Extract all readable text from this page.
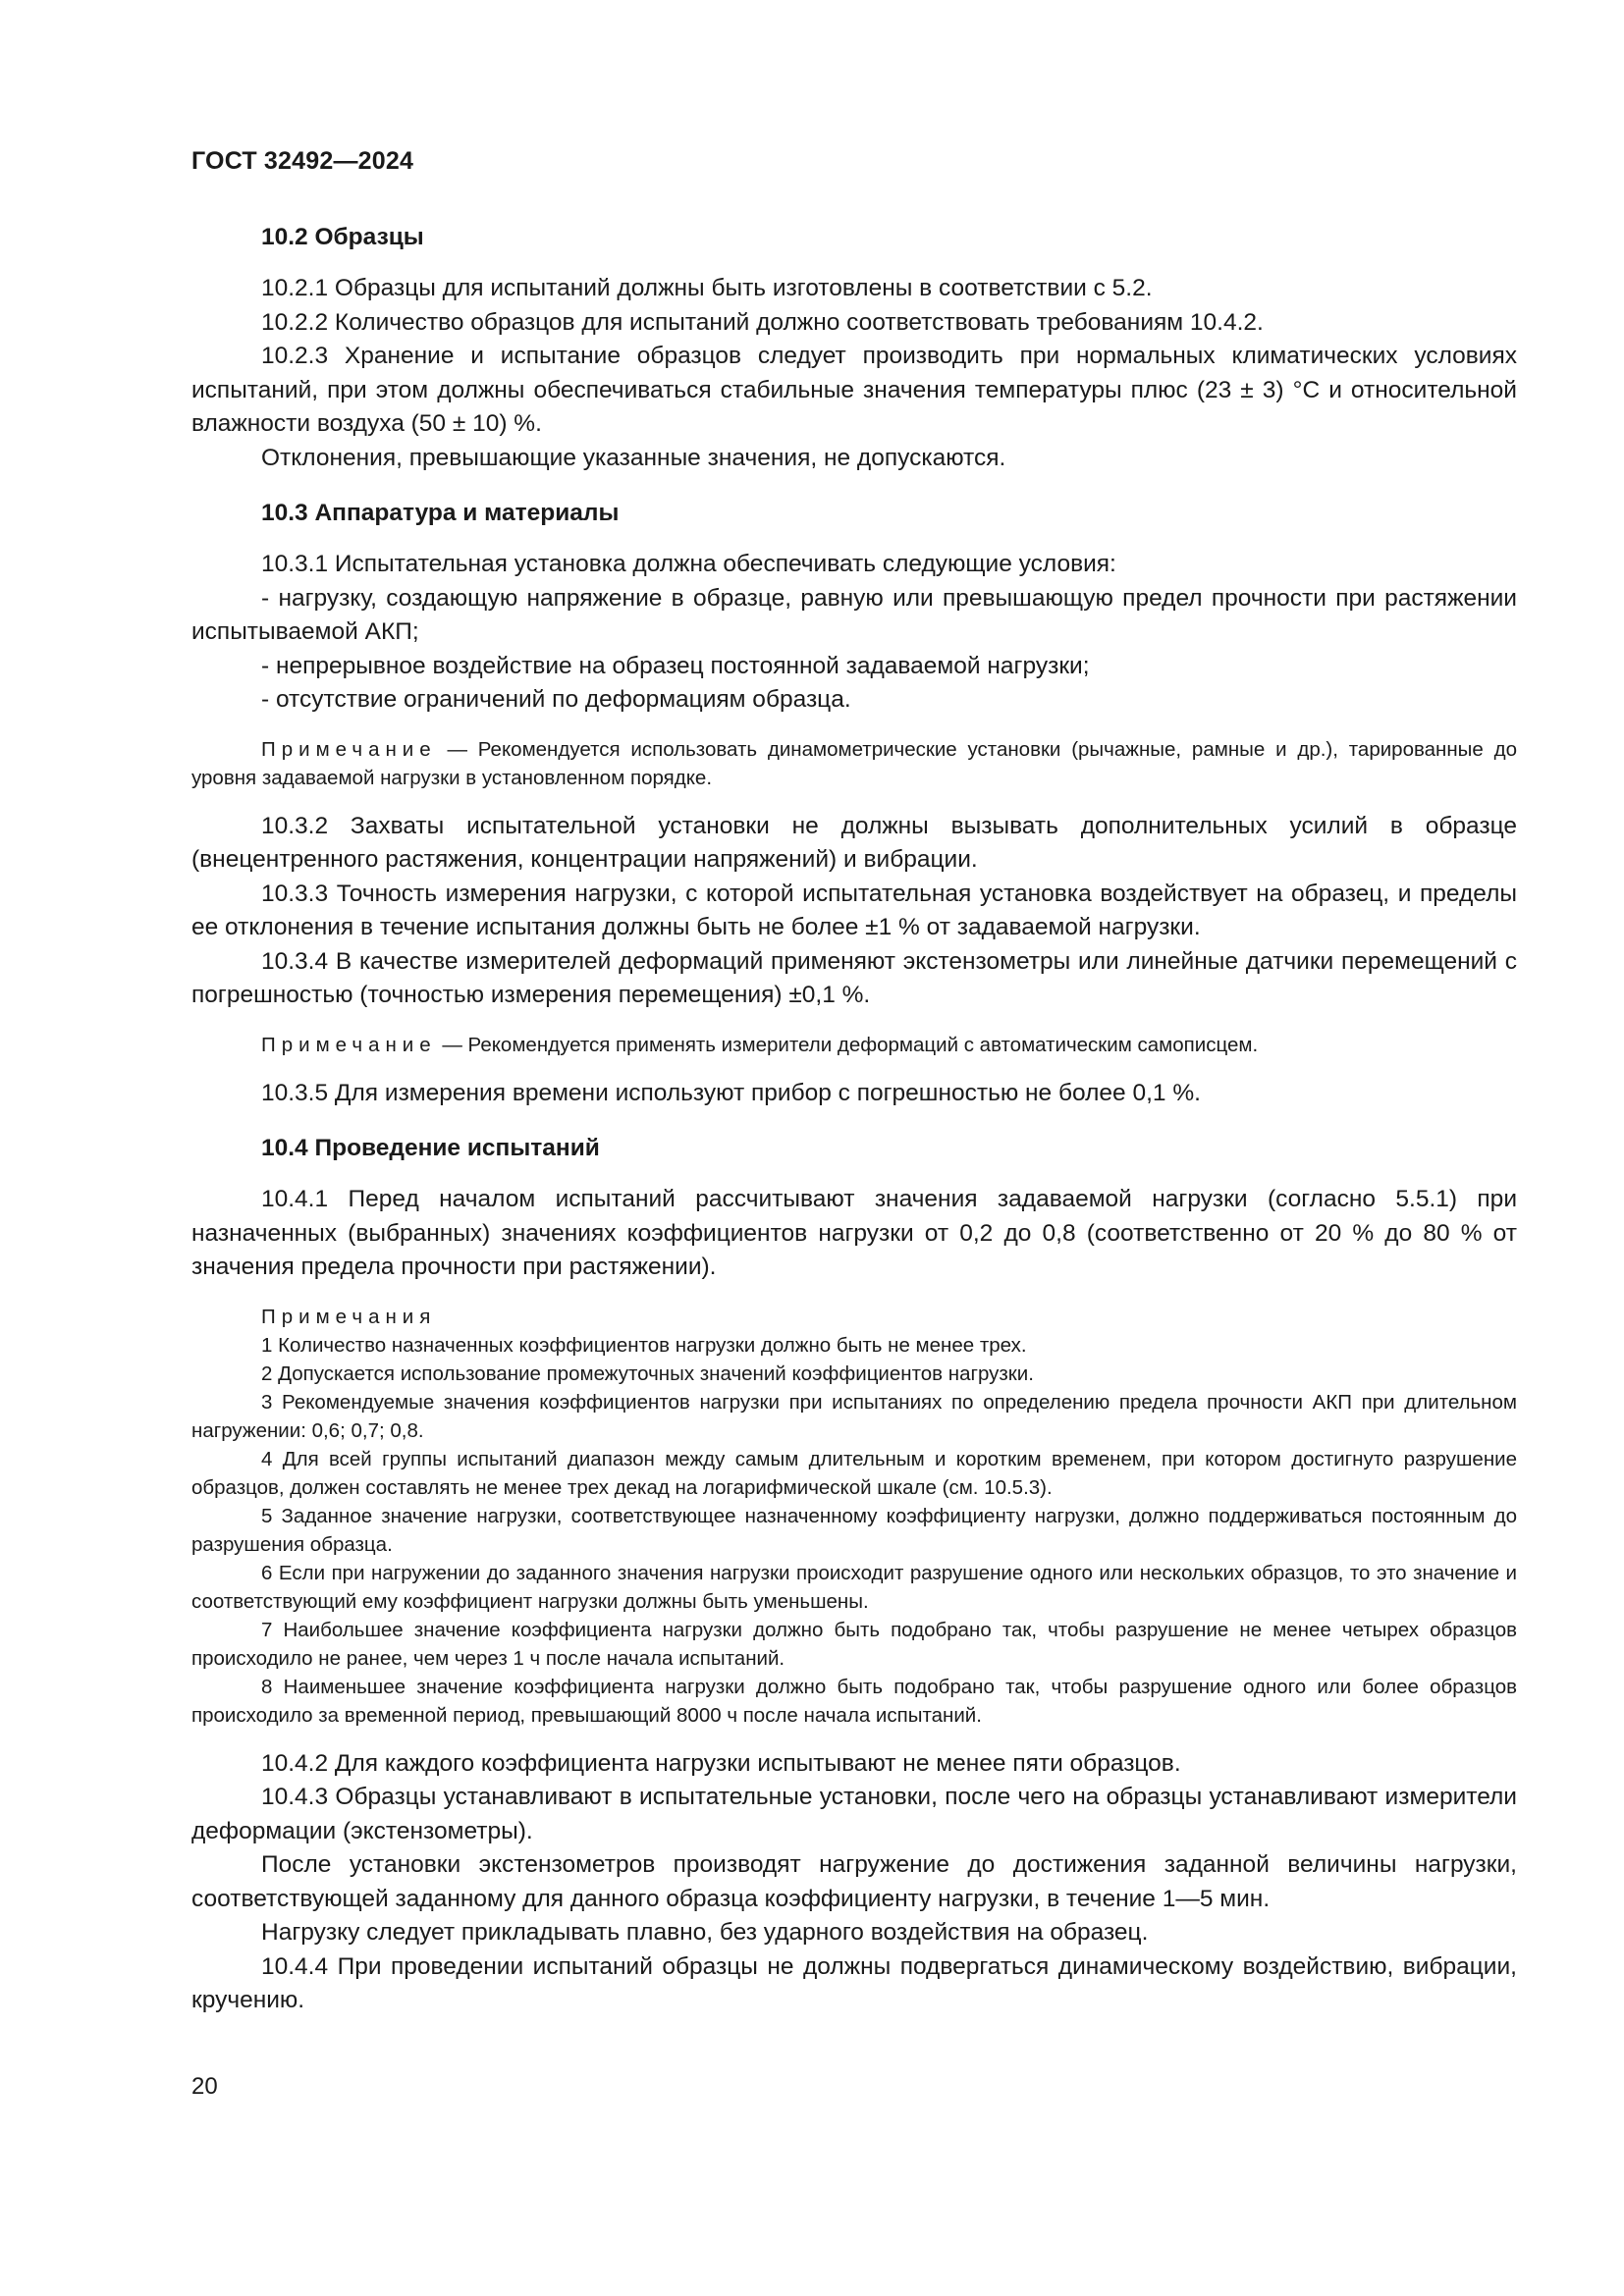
ГОСТ 32492—2024
10.2 Образцы

10.2.1 Образцы для испытаний должны быть изготовлены в соответствии с 5.2.

10.2.2 Количество образцов для испытаний должно соответствовать требованиям 10.4.2.

10.2.3 Хранение и испытание образцов следует производить при нормальных климатических условиях испытаний, при этом должны обеспечиваться стабильные значения температуры плюс (23 ± 3) °С и относительной влажности воздуха (50 ± 10) %.

Отклонения, превышающие указанные значения, не допускаются.

10.3 Аппаратура и материалы

10.3.1 Испытательная установка должна обеспечивать следующие условия:

- нагрузку, создающую напряжение в образце, равную или превышающую предел прочности при растяжении испытываемой АКП;

- непрерывное воздействие на образец постоянной задаваемой нагрузки;

- отсутствие ограничений по деформациям образца.

Примечание — Рекомендуется использовать динамометрические установки (рычажные, рамные и др.), тарированные до уровня задаваемой нагрузки в установленном порядке.

10.3.2 Захваты испытательной установки не должны вызывать дополнительных усилий в образце (внецентренного растяжения, концентрации напряжений) и вибрации.

10.3.3 Точность измерения нагрузки, с которой испытательная установка воздействует на образец, и пределы ее отклонения в течение испытания должны быть не более ±1 % от задаваемой нагрузки.

10.3.4 В качестве измерителей деформаций применяют экстензометры или линейные датчики перемещений с погрешностью (точностью измерения перемещения) ±0,1 %.

Примечание — Рекомендуется применять измерители деформаций с автоматическим самописцем.

10.3.5 Для измерения времени используют прибор с погрешностью не более 0,1 %.

10.4 Проведение испытаний

10.4.1 Перед началом испытаний рассчитывают значения задаваемой нагрузки (согласно 5.5.1) при назначенных (выбранных) значениях коэффициентов нагрузки от 0,2 до 0,8 (соответственно от 20 % до 80 % от значения предела прочности при растяжении).

Примечания

1 Количество назначенных коэффициентов нагрузки должно быть не менее трех.

2 Допускается использование промежуточных значений коэффициентов нагрузки.

3 Рекомендуемые значения коэффициентов нагрузки при испытаниях по определению предела прочности АКП при длительном нагружении: 0,6; 0,7; 0,8.

4 Для всей группы испытаний диапазон между самым длительным и коротким временем, при котором достигнуто разрушение образцов, должен составлять не менее трех декад на логарифмической шкале (см. 10.5.3).

5 Заданное значение нагрузки, соответствующее назначенному коэффициенту нагрузки, должно поддерживаться постоянным до разрушения образца.

6 Если при нагружении до заданного значения нагрузки происходит разрушение одного или нескольких образцов, то это значение и соответствующий ему коэффициент нагрузки должны быть уменьшены.

7 Наибольшее значение коэффициента нагрузки должно быть подобрано так, чтобы разрушение не менее четырех образцов происходило не ранее, чем через 1 ч после начала испытаний.

8 Наименьшее значение коэффициента нагрузки должно быть подобрано так, чтобы разрушение одного или более образцов происходило за временной период, превышающий 8000 ч после начала испытаний.

10.4.2 Для каждого коэффициента нагрузки испытывают не менее пяти образцов.

10.4.3 Образцы устанавливают в испытательные установки, после чего на образцы устанавливают измерители деформации (экстензометры).

После установки экстензометров производят нагружение до достижения заданной величины нагрузки, соответствующей заданному для данного образца коэффициенту нагрузки, в течение 1—5 мин.

Нагрузку следует прикладывать плавно, без ударного воздействия на образец.

10.4.4 При проведении испытаний образцы не должны подвергаться динамическому воздействию, вибрации, кручению.

20
